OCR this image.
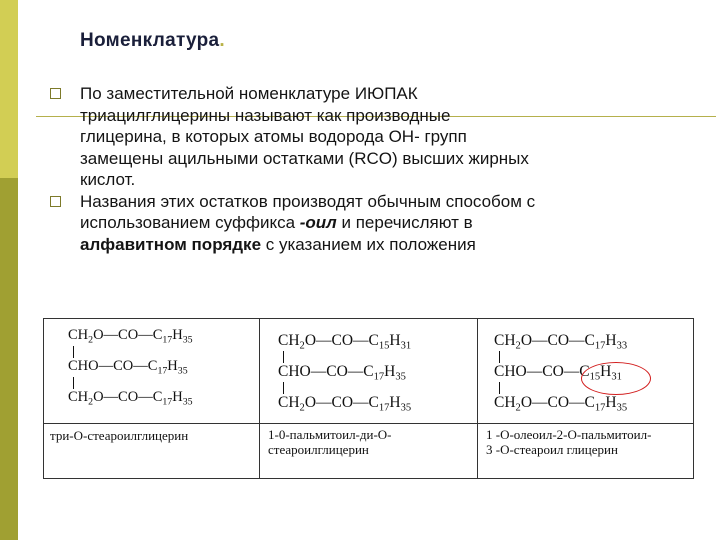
Номенклатура.
По заместительной номенклатуре ИЮПАК
триацилглицерины называют как производные
глицерина, в которых атомы водорода ОН- групп
замещены ацильными остатками (RCO) высших жирных
кислот.
Названия этих остатков производят обычным способом с
использованием суффикса -оил и перечисляют в
алфавитном порядке с указанием их положения
$CH_2O—CO—C_{17}H_{35}$
$CHO—CO—C_{17}H_{35}$
$CH_2O—CO—C_{17}H_{35}$
три-О-стеароилглицерин
$CH_2O—CO—C_{15}H_{31}$
$CHO—CO—C_{17}H_{35}$
$CH_2O—CO—C_{17}H_{35}$
1-0-пальмитоил-ди-О-
стеароилглицерин
$CH_2O—CO—C_{17}H_{33}$
$CHO—CO—C_{15}H_{31}$
$CH_2O—CO—C_{17}H_{35}$
1 -О-олеоил-2-О-пальмитоил-
3 -О-стеароил глицерин
